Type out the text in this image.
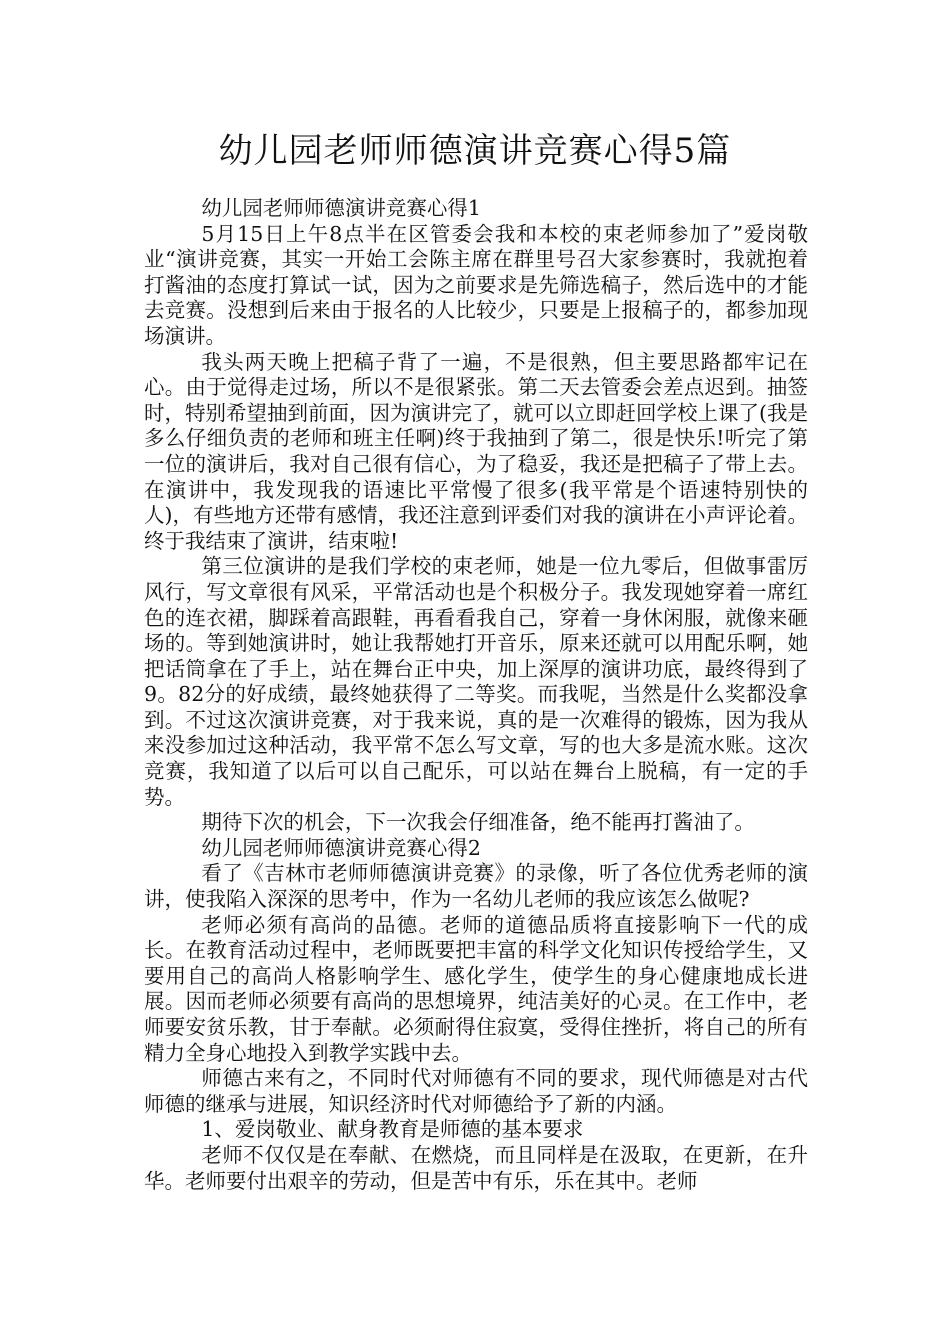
幼儿园老师师德演讲竞赛心得5篇

幼儿园老师师德演讲竞赛心得1

5月15日上午8点半在区管委会我和本校的束老师参加了”爱岗敬业“演讲竞赛，其实一开始工会陈主席在群里号召大家参赛时，我就抱着打酱油的态度打算试一试，因为之前要求是先筛选稿子，然后选中的才能去竞赛。没想到后来由于报名的人比较少，只要是上报稿子的，都参加现场演讲。

我头两天晚上把稿子背了一遍，不是很熟，但主要思路都牢记在心。由于觉得走过场，所以不是很紧张。第二天去管委会差点迟到。抽签时，特别希望抽到前面，因为演讲完了，就可以立即赶回学校上课了(我是多么仔细负责的老师和班主任啊)终于我抽到了第二，很是快乐!听完了第一位的演讲后，我对自己很有信心，为了稳妥，我还是把稿子了带上去。在演讲中，我发现我的语速比平常慢了很多(我平常是个语速特别快的人)，有些地方还带有感情，我还注意到评委们对我的演讲在小声评论着。终于我结束了演讲，结束啦!

第三位演讲的是我们学校的束老师，她是一位九零后，但做事雷厉风行，写文章很有风采，平常活动也是个积极分子。我发现她穿着一席红色的连衣裙，脚踩着高跟鞋，再看看我自己，穿着一身休闲服，就像来砸场的。等到她演讲时，她让我帮她打开音乐，原来还就可以用配乐啊，她把话筒拿在了手上，站在舞台正中央，加上深厚的演讲功底，最终得到了9。82分的好成绩，最终她获得了二等奖。而我呢，当然是什么奖都没拿到。不过这次演讲竞赛，对于我来说，真的是一次难得的锻炼，因为我从来没参加过这种活动，我平常不怎么写文章，写的也大多是流水账。这次竞赛，我知道了以后可以自己配乐，可以站在舞台上脱稿，有一定的手势。

期待下次的机会，下一次我会仔细准备，绝不能再打酱油了。

幼儿园老师师德演讲竞赛心得2

看了《吉林市老师师德演讲竞赛》的录像，听了各位优秀老师的演讲，使我陷入深深的思考中，作为一名幼儿老师的我应该怎么做呢?

老师必须有高尚的品德。老师的道德品质将直接影响下一代的成长。在教育活动过程中，老师既要把丰富的科学文化知识传授给学生，又要用自己的高尚人格影响学生、感化学生，使学生的身心健康地成长进展。因而老师必须要有高尚的思想境界，纯洁美好的心灵。在工作中，老师要安贫乐教，甘于奉献。必须耐得住寂寞，受得住挫折，将自己的所有精力全身心地投入到教学实践中去。

师德古来有之，不同时代对师德有不同的要求，现代师德是对古代师德的继承与进展，知识经济时代对师德给予了新的内涵。

1、爱岗敬业、献身教育是师德的基本要求

老师不仅仅是在奉献、在燃烧，而且同样是在汲取，在更新，在升华。老师要付出艰辛的劳动，但是苦中有乐，乐在其中。老师
